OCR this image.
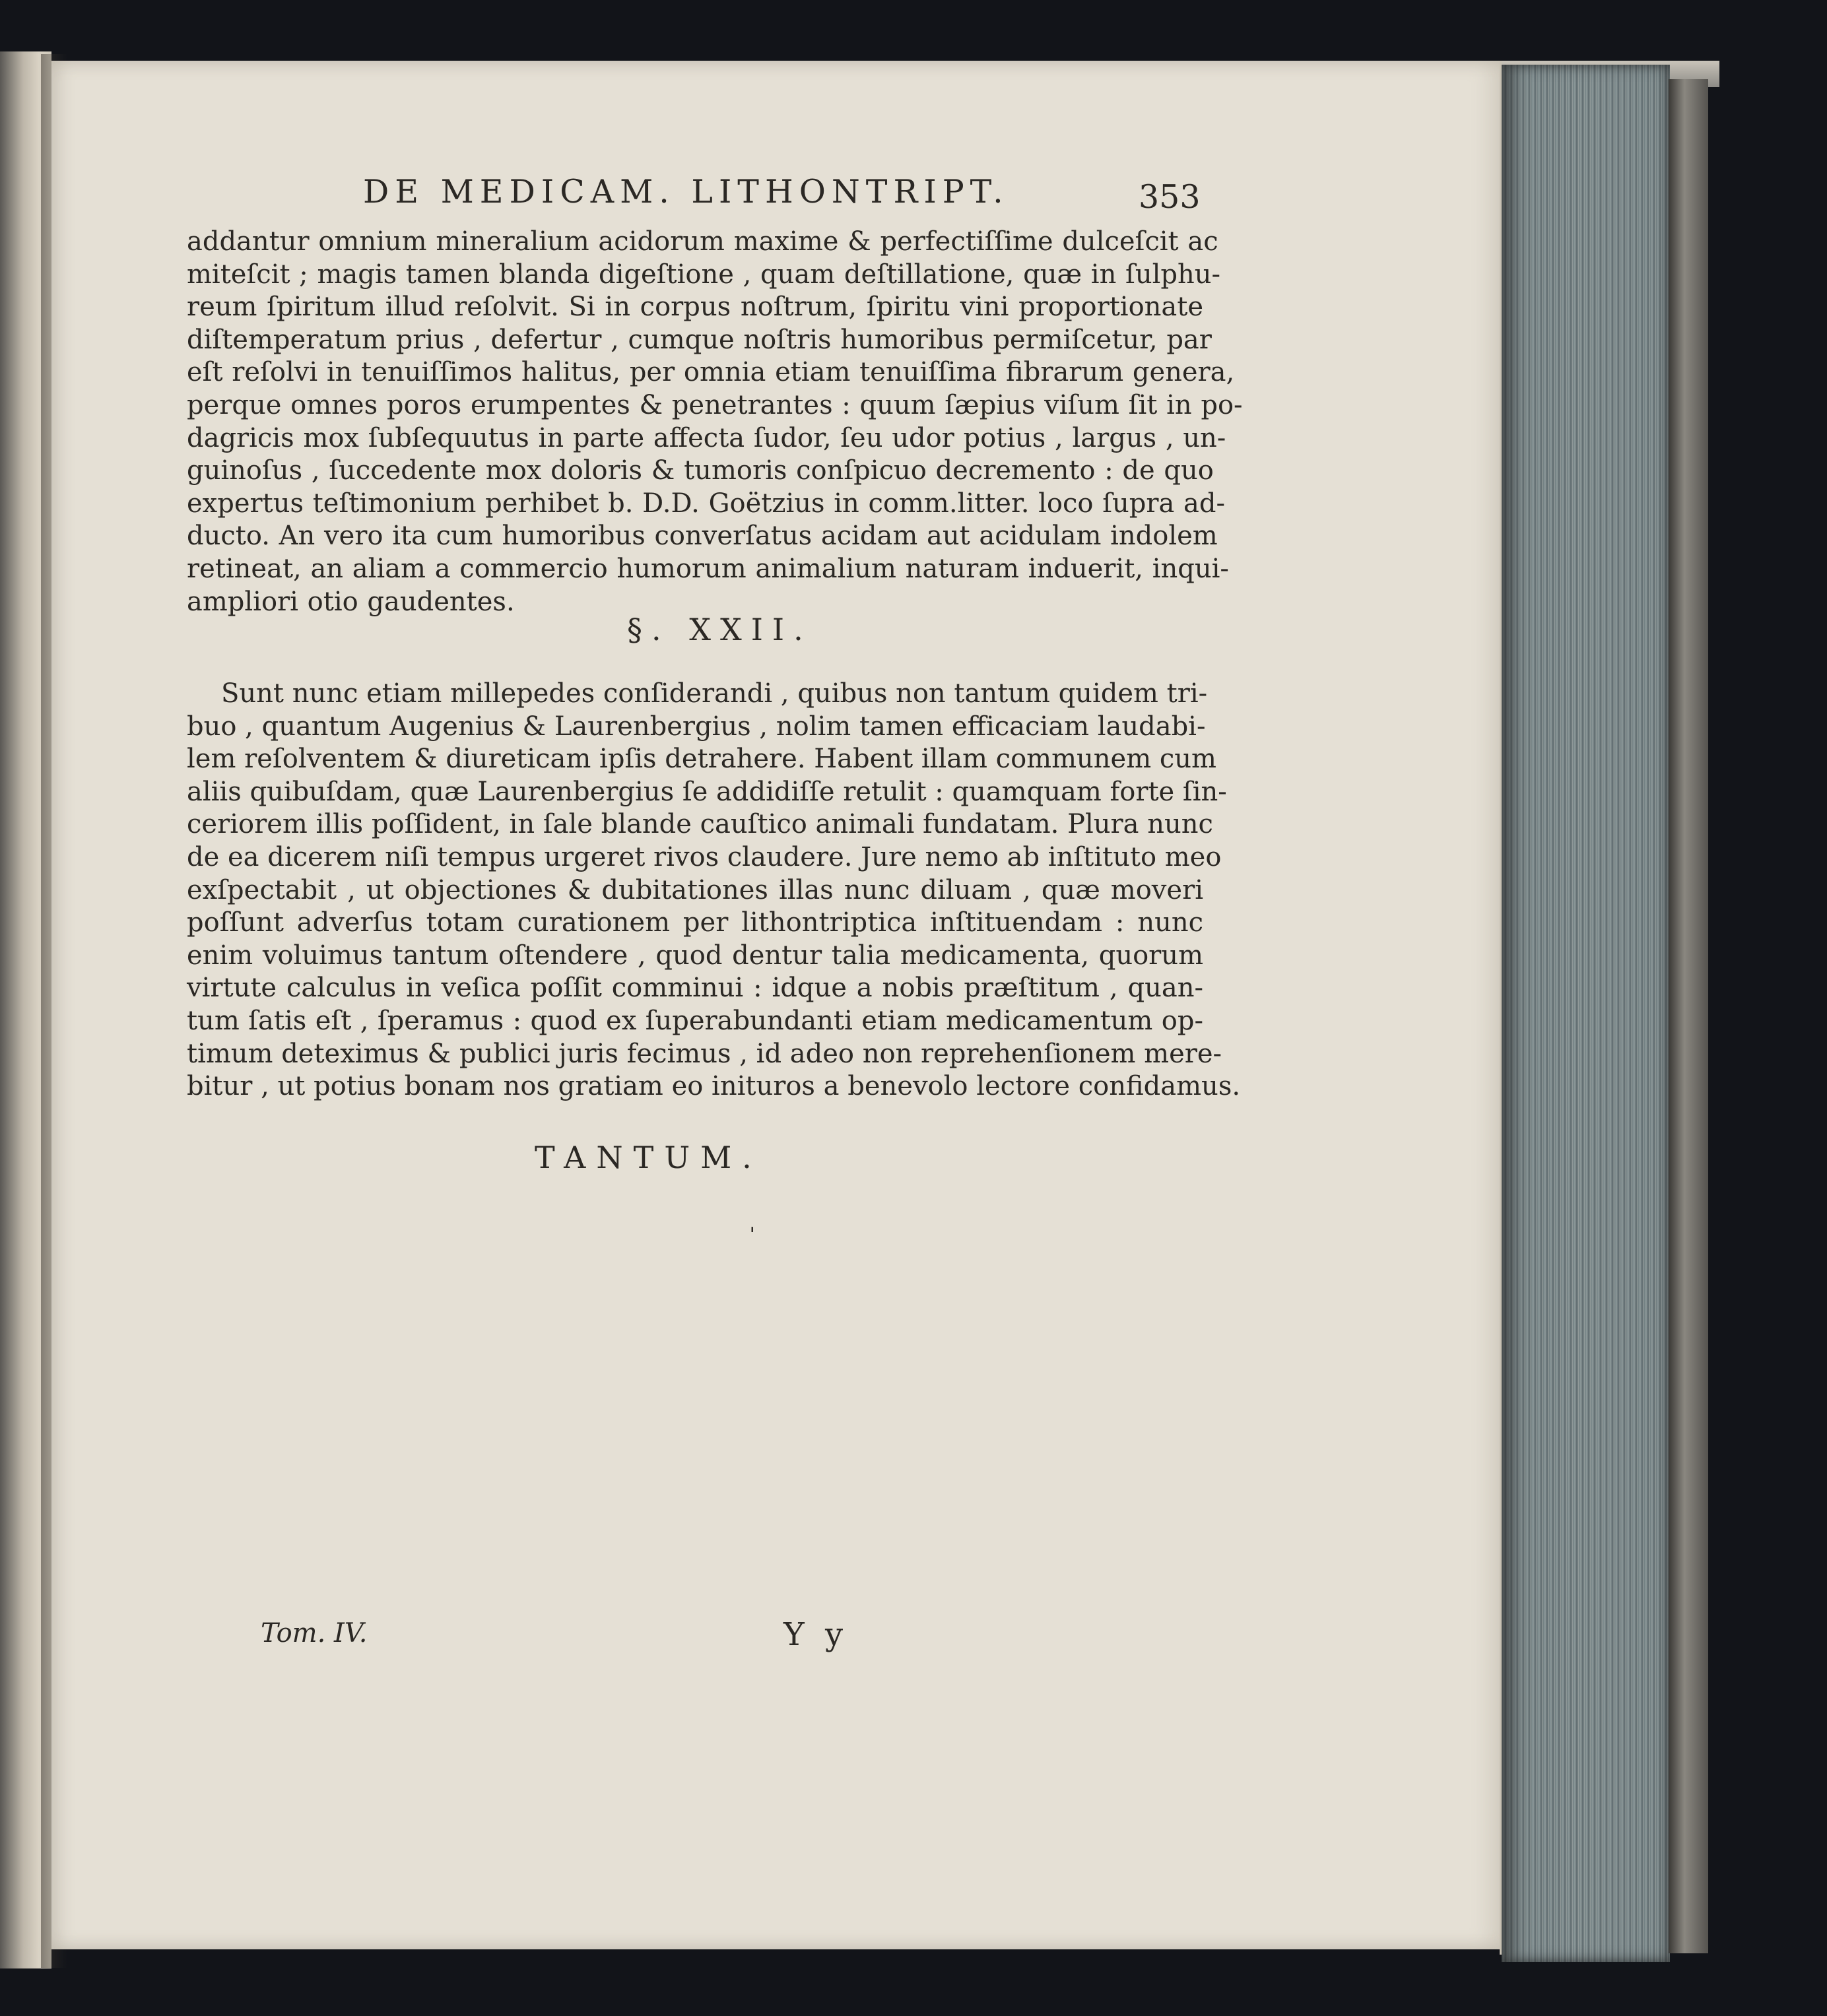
DE MEDICAM. LITHONTRIPT.	353
addantur omnium mineralium acidorum maxime & perfectiſſime dulceſcit ac
miteſcit ; magis tamen blanda digeſtione , quam deſtillatione, quæ in ſulphu-
reum ſpiritum illud reſolvit. Si in corpus noſtrum, ſpiritu vini proportionate
diſtemperatum prius , defertur , cumque noſtris humoribus permiſcetur, par
eſt reſolvi in tenuiſſimos halitus, per omnia etiam tenuiſſima fibrarum genera,
perque omnes poros erumpentes & penetrantes : quum ſæpius viſum ſit in po-
dagricis mox ſubſequutus in parte affecta ſudor, ſeu udor potius , largus , un-
guinoſus , ſuccedente mox doloris & tumoris conſpicuo decremento : de quo
expertus teſtimonium perhibet b. D.D. Goëtzius in comm.litter. loco ſupra ad-
ducto. An vero ita cum humoribus converſatus acidam aut acidulam indolem
retineat, an aliam a commercio humorum animalium naturam induerit, inqui-
ampliori otio gaudentes.
§. XXII.
Sunt nunc etiam millepedes conſiderandi , quibus non tantum quidem tri-
buo , quantum Augenius & Laurenbergius , nolim tamen efficaciam laudabi-
lem reſolventem & diureticam ipſis detrahere. Habent illam communem cum
aliis quibuſdam, quæ Laurenbergius ſe addidiſſe retulit : quamquam forte ſin-
ceriorem illis poſſident, in ſale blande cauſtico animali fundatam. Plura nunc
de ea dicerem niſi tempus urgeret rivos claudere. Jure nemo ab inſtituto meo
exſpectabit , ut objectiones & dubitationes illas nunc diluam , quæ moveri
poſſunt adverſus totam curationem per lithontriptica inſtituendam : nunc
enim voluimus tantum oſtendere , quod dentur talia medicamenta, quorum
virtute calculus in veſica poſſit comminui : idque a nobis præſtitum , quan-
tum ſatis eſt , ſperamus : quod ex ſuperabundanti etiam medicamentum op-
timum deteximus & publici juris fecimus , id adeo non reprehenſionem mere-
bitur , ut potius bonam nos gratiam eo inituros a benevolo lectore confidamus.
TANTUM.
ˌ
Tom. IV.	Y y
